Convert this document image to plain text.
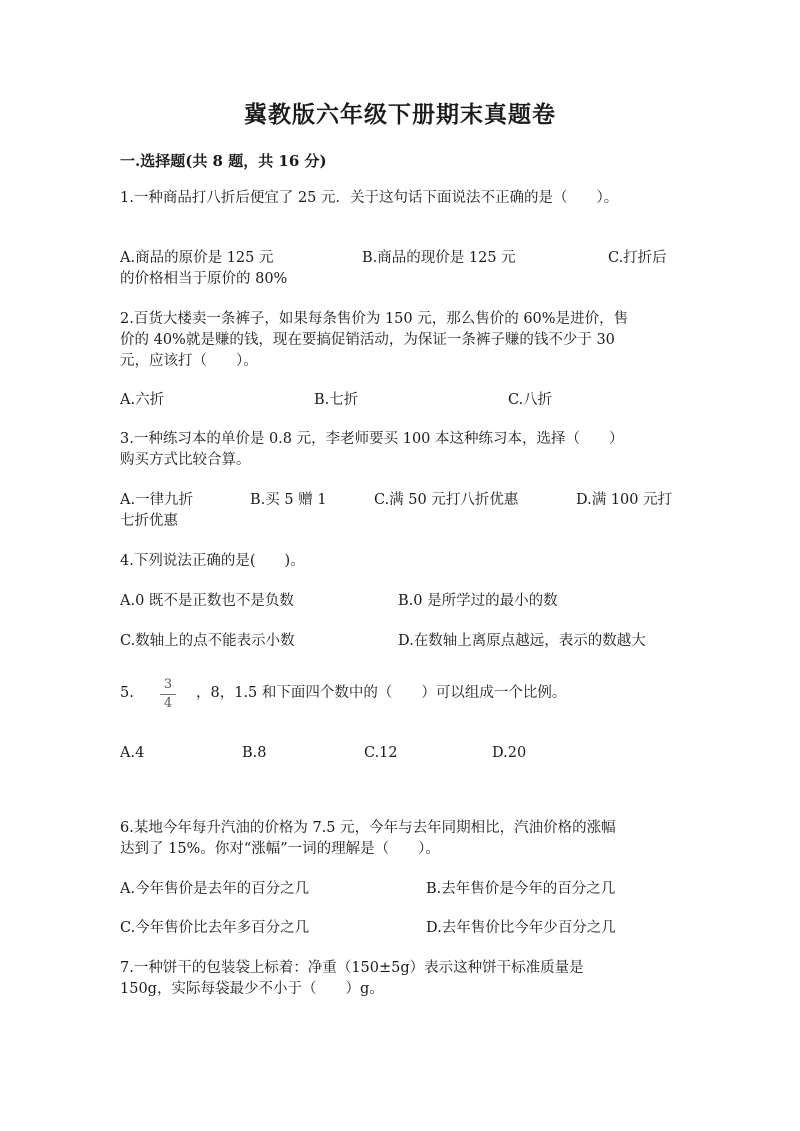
冀教版六年级下册期末真题卷
一.选择题(共 8 题，共 16 分)
1.一种商品打八折后便宜了 25 元．关于这句话下面说法不正确的是（　　）。
A.商品的原价是 125 元	B.商品的现价是 125 元	C.打折后
的价格相当于原价的 80%
2.百货大楼卖一条裤子，如果每条售价为 150 元，那么售价的 60%是进价，售
价的 40%就是赚的钱，现在要搞促销活动，为保证一条裤子赚的钱不少于 30
元，应该打（　　）。
A.六折	B.七折	C.八折
3.一种练习本的单价是 0.8 元，李老师要买 100 本这种练习本，选择（　　）
购买方式比较合算。
A.一律九折	B.买 5 赠 1	C.满 50 元打八折优惠	D.满 100 元打
七折优惠
4.下列说法正确的是(　　)。
A.0 既不是正数也不是负数	B.0 是所学过的最小的数
C.数轴上的点不能表示小数	D.在数轴上离原点越远，表示的数越大
5.
3
4
，8，1.5 和下面四个数中的（　　）可以组成一个比例。
A.4	B.8	C.12	D.20
6.某地今年每升汽油的价格为 7.5 元，今年与去年同期相比，汽油价格的涨幅
达到了 15%。你对“涨幅”一词的理解是（　　）。
A.今年售价是去年的百分之几	B.去年售价是今年的百分之几
C.今年售价比去年多百分之几	D.去年售价比今年少百分之几
7.一种饼干的包装袋上标着：净重（150±5g）表示这种饼干标准质量是
150g，实际每袋最少不小于（　　）g。
